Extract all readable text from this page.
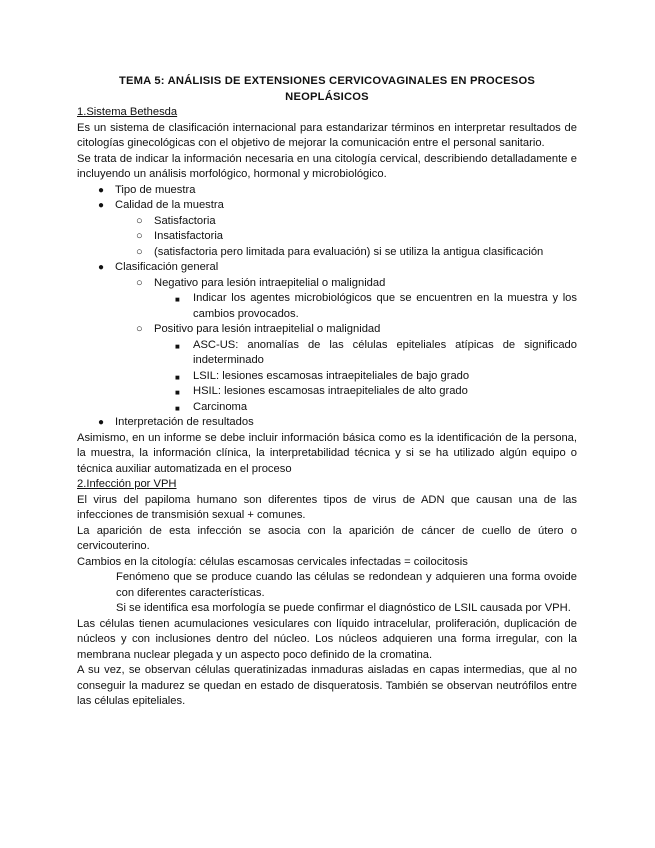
TEMA 5: ANÁLISIS DE EXTENSIONES CERVICOVAGINALES EN PROCESOS NEOPLÁSICOS
1.Sistema Bethesda
Es un sistema de clasificación internacional para estandarizar términos en interpretar resultados de citologías ginecológicas con el objetivo de mejorar la comunicación entre el personal sanitario.
Se trata de indicar la información necesaria en una citología cervical, describiendo detalladamente e incluyendo un análisis morfológico, hormonal y microbiológico.
● Tipo de muestra
● Calidad de la muestra
○ Satisfactoria
○ Insatisfactoria
○ (satisfactoria pero limitada para evaluación) si se utiliza la antigua clasificación
● Clasificación general
○ Negativo para lesión intraepitelial o malignidad
■ Indicar los agentes microbiológicos que se encuentren en la muestra y los cambios provocados.
○ Positivo para lesión intraepitelial o malignidad
■ ASC-US: anomalías de las células epiteliales atípicas de significado indeterminado
■ LSIL: lesiones escamosas intraepiteliales de bajo grado
■ HSIL: lesiones escamosas intraepiteliales de alto grado
■ Carcinoma
● Interpretación de resultados
Asimismo, en un informe se debe incluir información básica como es la identificación de la persona, la muestra, la información clínica, la interpretabilidad técnica y si se ha utilizado algún equipo o técnica auxiliar automatizada en el proceso
2.Infección por VPH
El virus del papiloma humano son diferentes tipos de virus de ADN que causan una de las infecciones de transmisión sexual + comunes.
La aparición de esta infección se asocia con la aparición de cáncer de cuello de útero o cervicouterino.
Cambios en la citología: células escamosas cervicales infectadas = coilocitosis
Fenómeno que se produce cuando las células se redondean y adquieren una forma ovoide con diferentes características.
Si se identifica esa morfología se puede confirmar el diagnóstico de LSIL causada por VPH.
Las células tienen acumulaciones vesiculares con líquido intracelular, proliferación, duplicación de núcleos y con inclusiones dentro del núcleo. Los núcleos adquieren una forma irregular, con la membrana nuclear plegada y un aspecto poco definido de la cromatina.
A su vez, se observan células queratinizadas inmaduras aisladas en capas intermedias, que al no conseguir la madurez se quedan en estado de disqueratosis. También se observan neutrófilos entre las células epiteliales.
